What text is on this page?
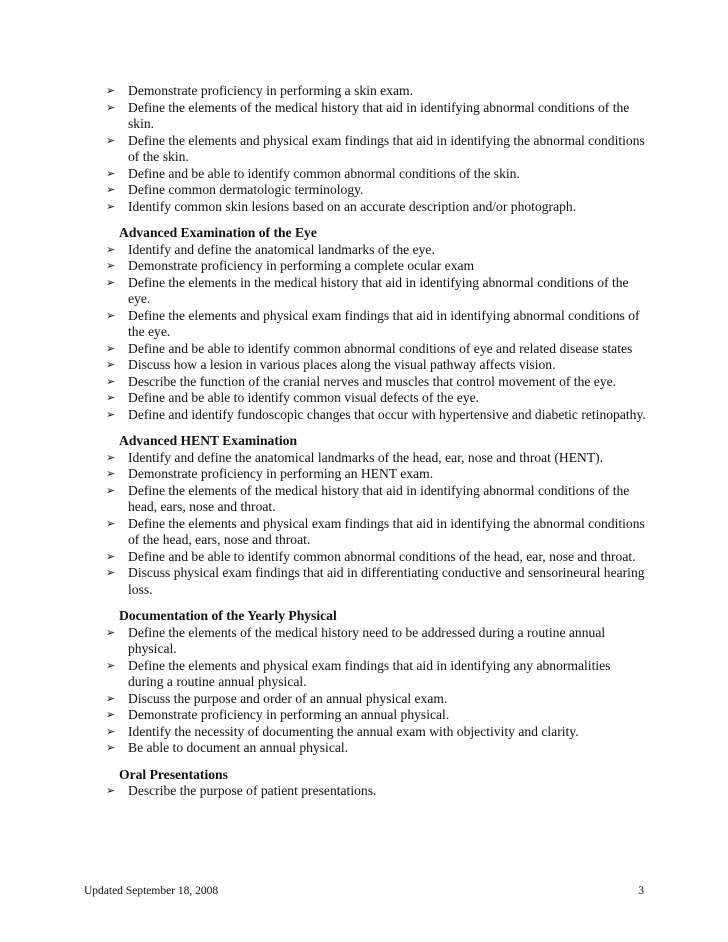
➢ Demonstrate proficiency in performing a skin exam.
➢ Define the elements of the medical history that aid in identifying abnormal conditions of the skin.
➢ Define the elements and physical exam findings that aid in identifying the abnormal conditions of the skin.
➢ Define and be able to identify common abnormal conditions of the skin.
➢ Define common dermatologic terminology.
➢ Identify common skin lesions based on an accurate description and/or photograph.
Advanced Examination of the Eye
➢ Identify and define the anatomical landmarks of the eye.
➢ Demonstrate proficiency in performing a complete ocular exam
➢ Define the elements in the medical history that aid in identifying abnormal conditions of the eye.
➢ Define the elements and physical exam findings that aid in identifying abnormal conditions of the eye.
➢ Define and be able to identify common abnormal conditions of eye and related disease states
➢ Discuss how a lesion in various places along the visual pathway affects vision.
➢ Describe the function of the cranial nerves and muscles that control movement of the eye.
➢ Define and be able to identify common visual defects of the eye.
➢ Define and identify fundoscopic changes that occur with hypertensive and diabetic retinopathy.
Advanced HENT Examination
➢ Identify and define the anatomical landmarks of the head, ear, nose and throat (HENT).
➢ Demonstrate proficiency in performing an HENT exam.
➢ Define the elements of the medical history that aid in identifying abnormal conditions of the head, ears, nose and throat.
➢ Define the elements and physical exam findings that aid in identifying the abnormal conditions of the head, ears, nose and throat.
➢ Define and be able to identify common abnormal conditions of the head, ear, nose and throat.
➢ Discuss physical exam findings that aid in differentiating conductive and sensorineural hearing loss.
Documentation of the Yearly Physical
➢ Define the elements of the medical history need to be addressed during a routine annual physical.
➢ Define the elements and physical exam findings that aid in identifying any abnormalities during a routine annual physical.
➢ Discuss the purpose and order of an annual physical exam.
➢ Demonstrate proficiency in performing an annual physical.
➢ Identify the necessity of documenting the annual exam with objectivity and clarity.
➢ Be able to document an annual physical.
Oral Presentations
➢ Describe the purpose of patient presentations.
Updated September 18, 2008	3
